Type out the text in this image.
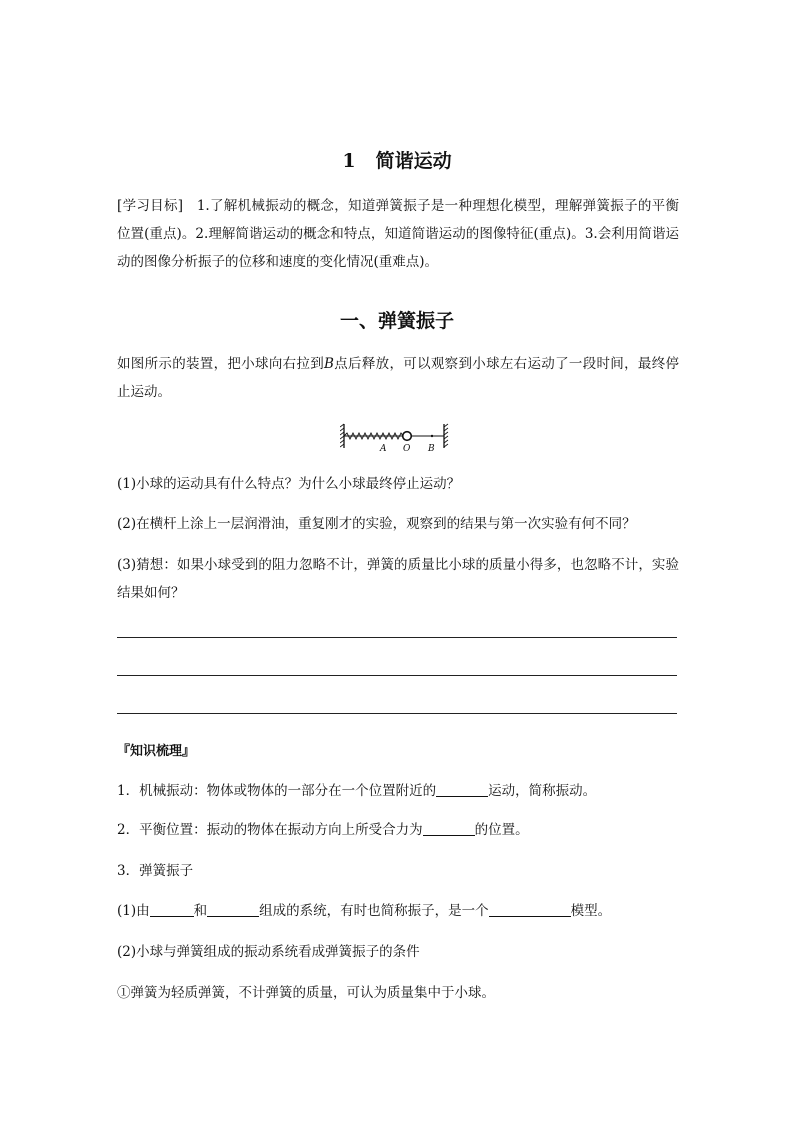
1 简谐运动
[学习目标] 1.了解机械振动的概念，知道弹簧振子是一种理想化模型，理解弹簧振子的平衡位置(重点)。2.理解简谐运动的概念和特点，知道简谐运动的图像特征(重点)。3.会利用简谐运动的图像分析振子的位移和速度的变化情况(重难点)。
一、弹簧振子
如图所示的装置，把小球向右拉到B点后释放，可以观察到小球左右运动了一段时间，最终停止运动。
A O B
(1)小球的运动具有什么特点？为什么小球最终停止运动？
(2)在横杆上涂上一层润滑油，重复刚才的实验，观察到的结果与第一次实验有何不同？
(3)猜想：如果小球受到的阻力忽略不计，弹簧的质量比小球的质量小得多，也忽略不计，实验结果如何？
『知识梳理』
1．机械振动：物体或物体的一部分在一个位置附近的	运动，简称振动。
2．平衡位置：振动的物体在振动方向上所受合力为	的位置。
3．弹簧振子
(1)由	和	组成的系统，有时也简称振子，是一个	模型。
(2)小球与弹簧组成的振动系统看成弹簧振子的条件
①弹簧为轻质弹簧，不计弹簧的质量，可认为质量集中于小球。
